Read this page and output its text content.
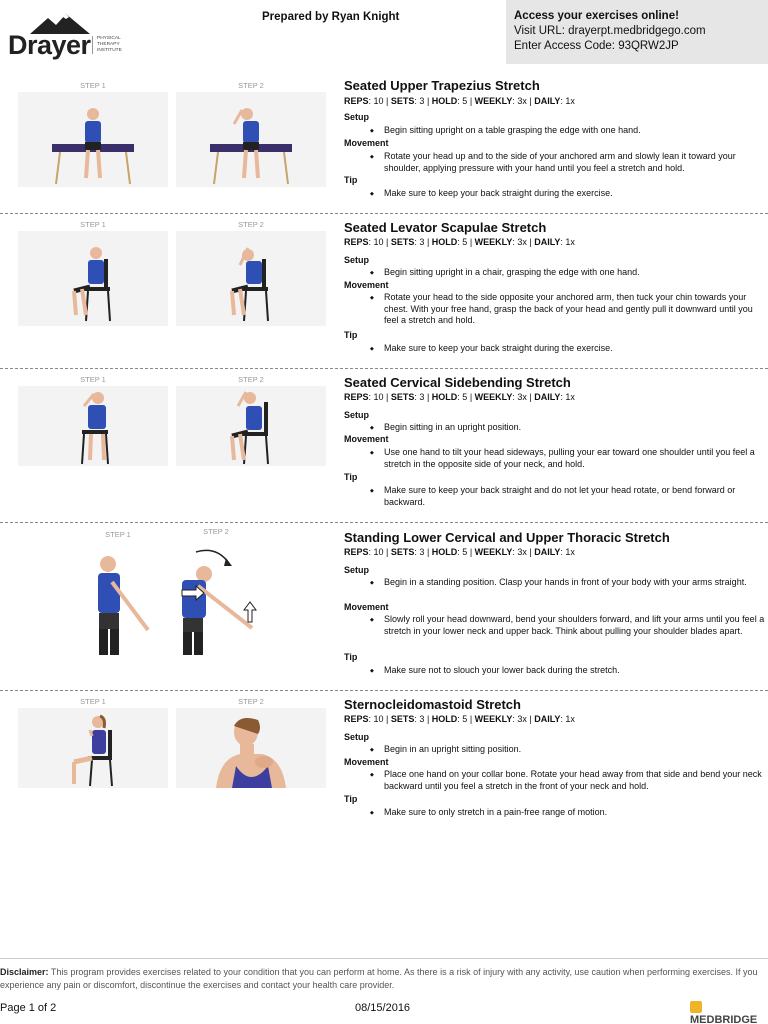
Drayer	PHYSICAL THERAPY INSTITUTE
Prepared by Ryan Knight	Access your exercises online!
Visit URL: drayerpt.medbridgego.com
Enter Access Code: 93QRW2JP
STEP 1	STEP 2	Seated Upper Trapezius Stretch
REPS: 10 | SETS: 3 | HOLD: 5 | WEEKLY: 3x | DAILY: 1x
Setup
◆ Begin sitting upright on a table grasping the edge with one hand.
Movement
◆ Rotate your head up and to the side of your anchored arm and slowly lean it toward your shoulder, applying pressure with your hand until you feel a stretch and hold.
Tip
◆ Make sure to keep your back straight during the exercise.
STEP 1	STEP 2	Seated Levator Scapulae Stretch
REPS: 10 | SETS: 3 | HOLD: 5 | WEEKLY: 3x | DAILY: 1x
Setup
◆ Begin sitting upright in a chair, grasping the edge with one hand.
Movement
◆ Rotate your head to the side opposite your anchored arm, then tuck your chin towards your chest. With your free hand, grasp the back of your head and gently pull it downward until you feel a stretch and hold.
Tip
◆ Make sure to keep your back straight during the exercise.
STEP 1	STEP 2	Seated Cervical Sidebending Stretch
REPS: 10 | SETS: 3 | HOLD: 5 | WEEKLY: 3x | DAILY: 1x
Setup
◆ Begin sitting in an upright position.
Movement
◆ Use one hand to tilt your head sideways, pulling your ear toward one shoulder until you feel a stretch in the opposite side of your neck, and hold.
Tip
◆ Make sure to keep your back straight and do not let your head rotate, or bend forward or backward.
STEP 1	STEP 2	Standing Lower Cervical and Upper Thoracic Stretch
REPS: 10 | SETS: 3 | HOLD: 5 | WEEKLY: 3x | DAILY: 1x
Setup
◆ Begin in a standing position. Clasp your hands in front of your body with your arms straight.
Movement
◆ Slowly roll your head downward, bend your shoulders forward, and lift your arms until you feel a stretch in your lower neck and upper back. Think about pulling your shoulder blades apart.
Tip
◆ Make sure not to slouch your lower back during the stretch.
STEP 1	STEP 2	Sternocleidomastoid Stretch
REPS: 10 | SETS: 3 | HOLD: 5 | WEEKLY: 3x | DAILY: 1x
Setup
◆ Begin in an upright sitting position.
Movement
◆ Place one hand on your collar bone. Rotate your head away from that side and bend your neck backward until you feel a stretch in the front of your neck and hold.
Tip
◆ Make sure to only stretch in a pain-free range of motion.
Disclaimer: This program provides exercises related to your condition that you can perform at home. As there is a risk of injury with any activity, use caution when performing exercises. If you experience any pain or discomfort, discontinue the exercises and contact your health care provider.
Page 1 of 2	08/15/2016
MEDBRIDGE
